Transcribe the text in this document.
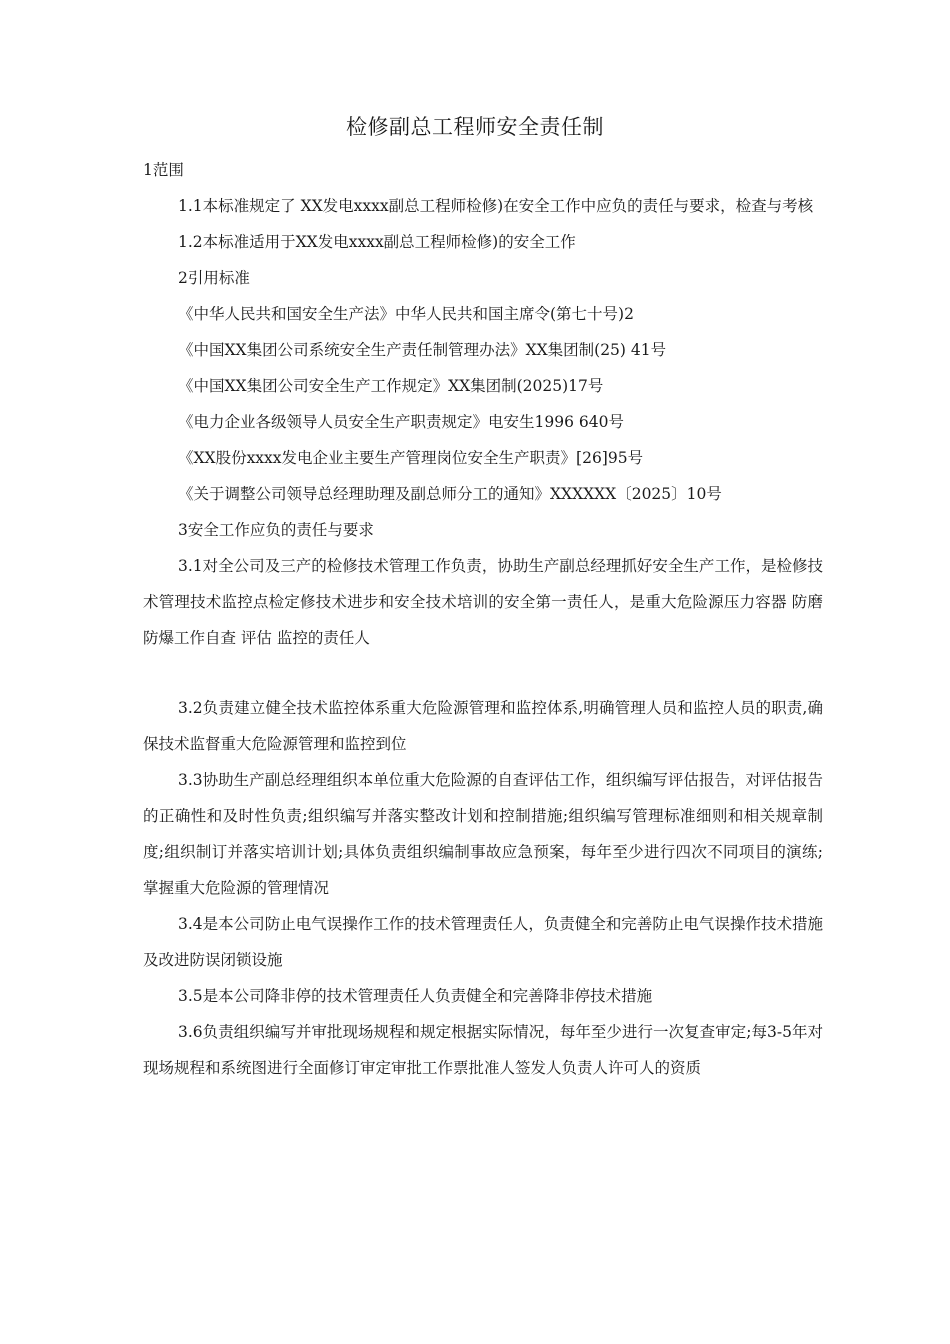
检修副总工程师安全责任制

1范围

1.1本标准规定了 XX发电xxxx副总工程师检修)在安全工作中应负的责任与要求，检查与考核

1.2本标准适用于XX发电xxxx副总工程师检修)的安全工作

2引用标准

《中华人民共和国安全生产法》中华人民共和国主席令(第七十号)2

《中国XX集团公司系统安全生产责任制管理办法》XX集团制(25) 41号

《中国XX集团公司安全生产工作规定》XX集团制(2025)17号

《电力企业各级领导人员安全生产职责规定》电安生1996 640号

《XX股份xxxx发电企业主要生产管理岗位安全生产职责》[26]95号

《关于调整公司领导总经理助理及副总师分工的通知》XXXXXX〔2025〕10号

3安全工作应负的责任与要求

3.1对全公司及三产的检修技术管理工作负责，协助生产副总经理抓好安全生产工作，是检修技术管理技术监控点检定修技术进步和安全技术培训的安全第一责任人，是重大危险源压力容器 防磨防爆工作自查 评估 监控的责任人

3.2负责建立健全技术监控体系重大危险源管理和监控体系,明确管理人员和监控人员的职责,确保技术监督重大危险源管理和监控到位

3.3协助生产副总经理组织本单位重大危险源的自查评估工作，组织编写评估报告，对评估报告的正确性和及时性负责;组织编写并落实整改计划和控制措施;组织编写管理标准细则和相关规章制度;组织制订并落实培训计划;具体负责组织编制事故应急预案，每年至少进行四次不同项目的演练;掌握重大危险源的管理情况

3.4是本公司防止电气误操作工作的技术管理责任人，负责健全和完善防止电气误操作技术措施及改进防误闭锁设施

3.5是本公司降非停的技术管理责任人负责健全和完善降非停技术措施

3.6负责组织编写并审批现场规程和规定根据实际情况，每年至少进行一次复查审定;每3-5年对现场规程和系统图进行全面修订审定审批工作票批准人签发人负责人许可人的资质
